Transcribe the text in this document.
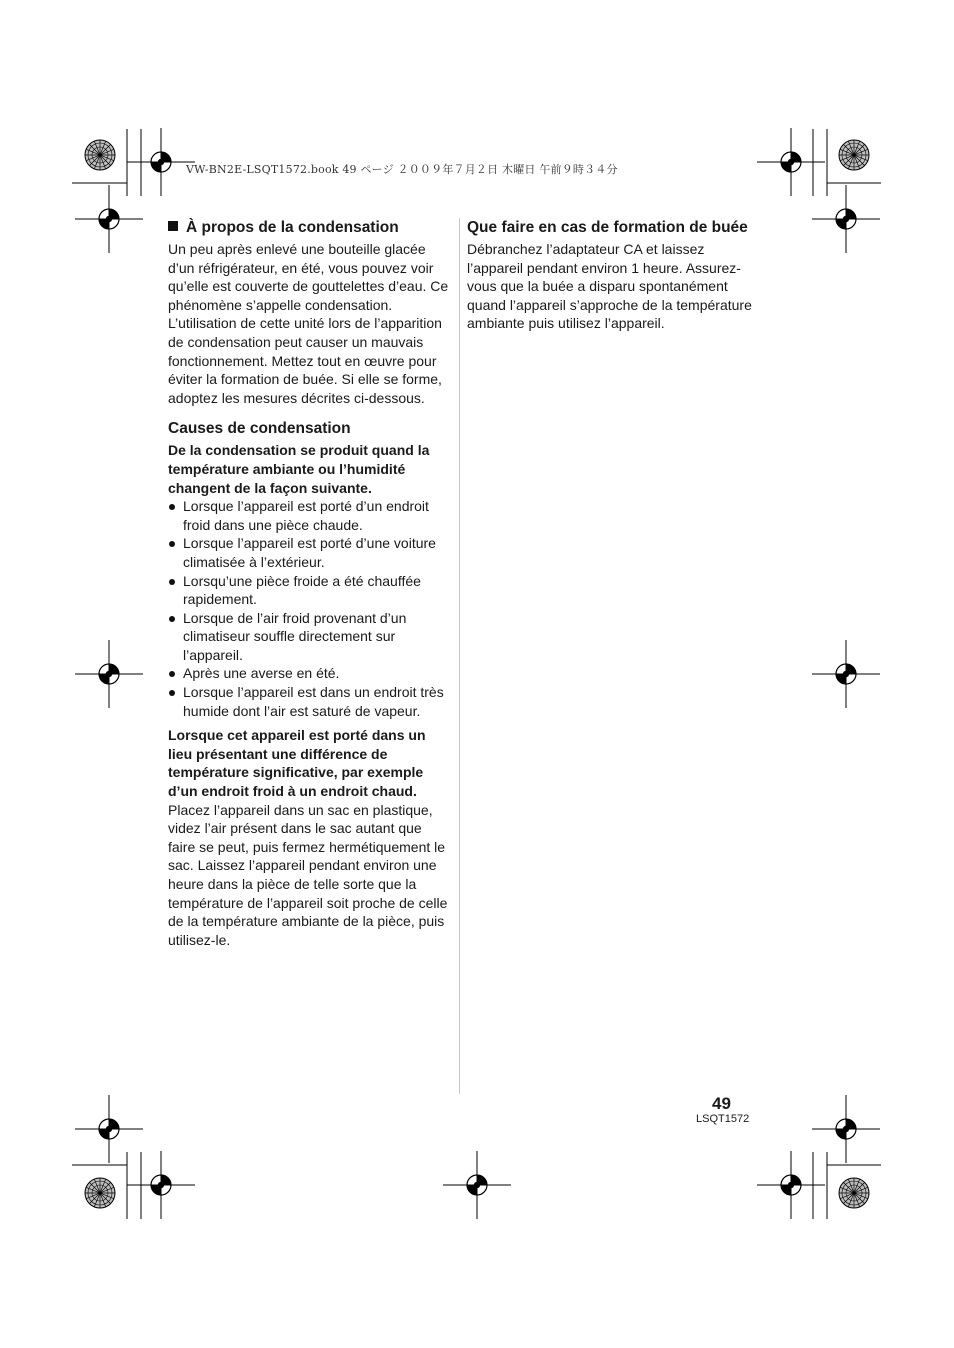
VW-BN2E-LSQT1572.book 49 ページ ２００９年７月２日 木曜日 午前９時３４分
À propos de la condensation

Un peu après enlevé une bouteille glacée d’un réfrigérateur, en été, vous pouvez voir qu’elle est couverte de gouttelettes d’eau. Ce phénomène s’appelle condensation. L’utilisation de cette unité lors de l’apparition de condensation peut causer un mauvais fonctionnement. Mettez tout en œuvre pour éviter la formation de buée. Si elle se forme, adoptez les mesures décrites ci-dessous.

Causes de condensation

De la condensation se produit quand la température ambiante ou l’humidité changent de la façon suivante.

Lorsque l’appareil est porté d’un endroit froid dans une pièce chaude.
Lorsque l’appareil est porté d’une voiture climatisée à l’extérieur.
Lorsqu’une pièce froide a été chauffée rapidement.
Lorsque de l’air froid provenant d’un climatiseur souffle directement sur l’appareil.
Après une averse en été.
Lorsque l’appareil est dans un endroit très humide dont l’air est saturé de vapeur.

Lorsque cet appareil est porté dans un lieu présentant une différence de température significative, par exemple d’un endroit froid à un endroit chaud.

Placez l’appareil dans un sac en plastique, videz l’air présent dans le sac autant que faire se peut, puis fermez hermétiquement le sac. Laissez l’appareil pendant environ une heure dans la pièce de telle sorte que la température de l’appareil soit proche de celle de la température ambiante de la pièce, puis utilisez-le.

Que faire en cas de formation de buée

Débranchez l’adaptateur CA et laissez l’appareil pendant environ 1 heure. Assurez-vous que la buée a disparu spontanément quand l’appareil s’approche de la température ambiante puis utilisez l’appareil.

49
LSQT1572
